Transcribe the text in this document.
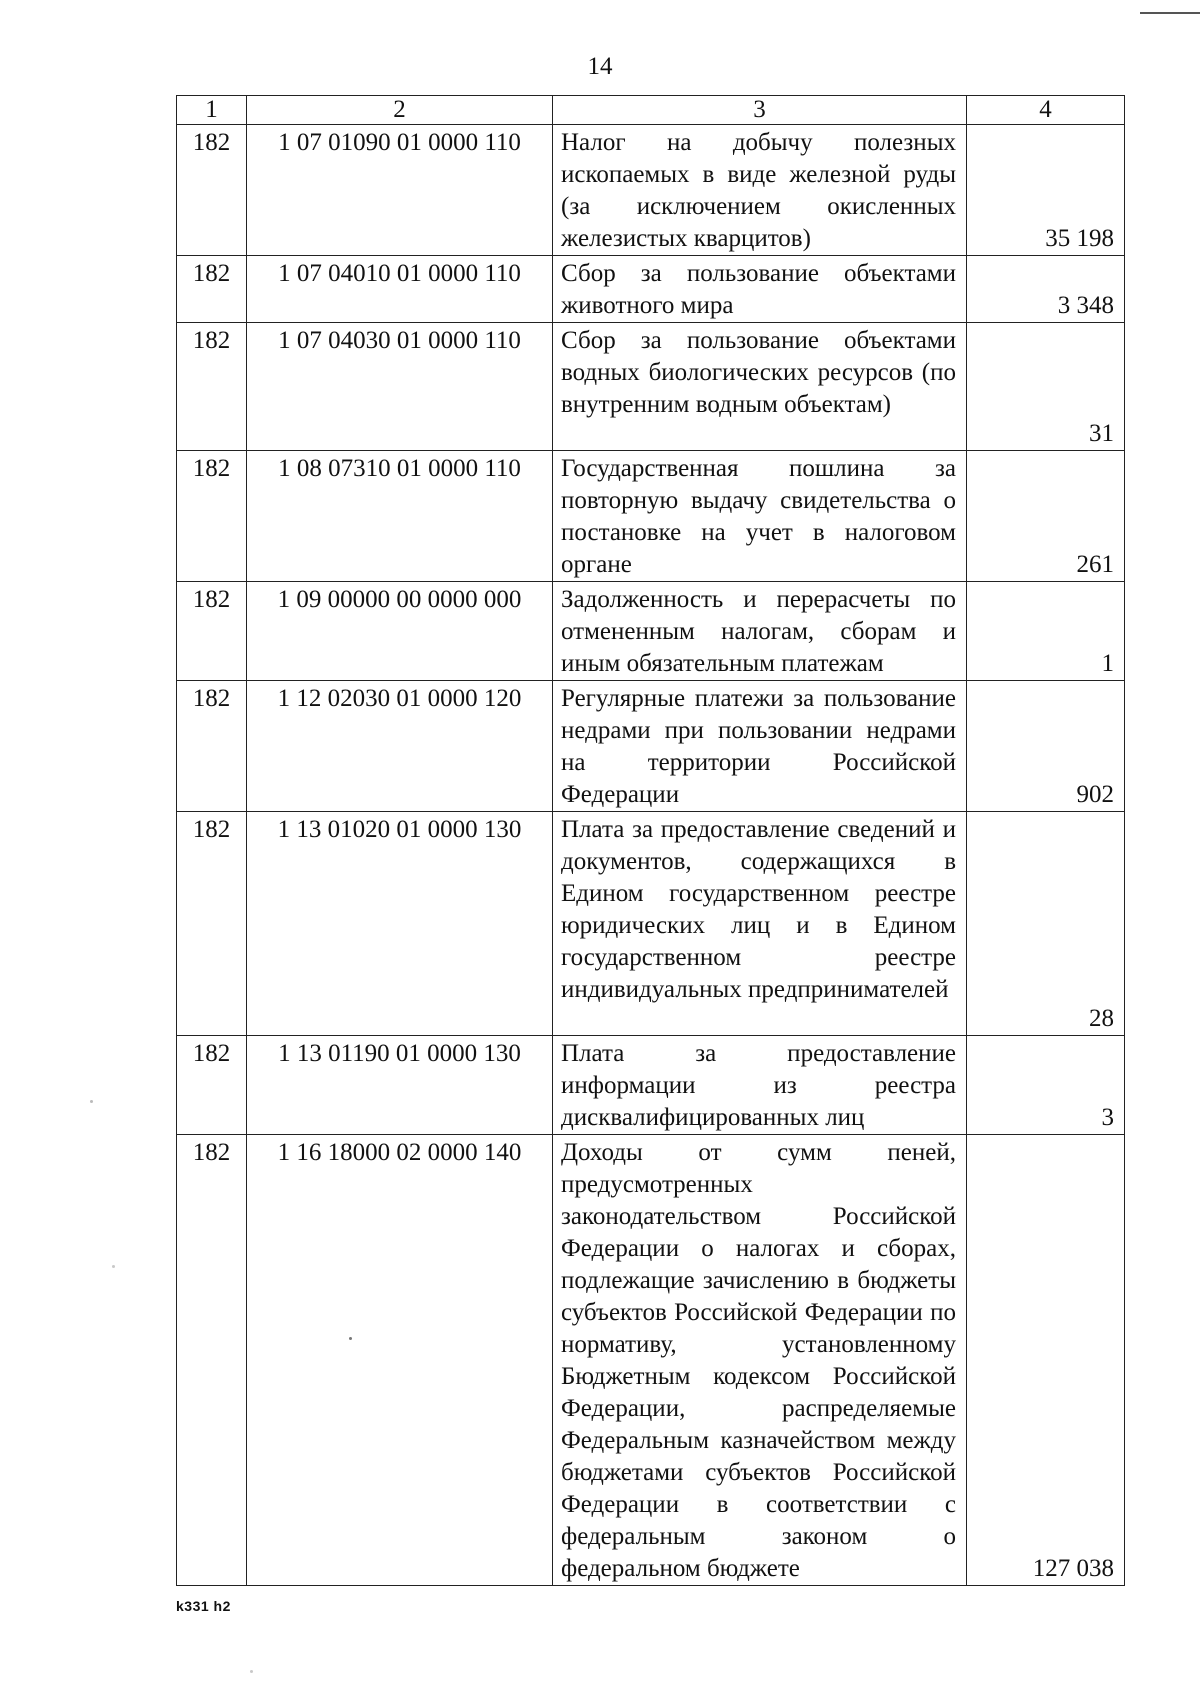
14
1	2	3	4
182	1 07 01090 01 0000 110	Налог на добычу полезных ископаемых в виде железной руды (за исключением окисленных железистых кварцитов)	35 198
182	1 07 04010 01 0000 110	Сбор за пользование объектами животного мира	3 348
182	1 07 04030 01 0000 110	Сбор за пользование объектами водных биологических ресурсов (по внутренним водным объектам)	31
182	1 08 07310 01 0000 110	Государственная пошлина за повторную выдачу свидетельства о постановке на учет в налоговом органе	261
182	1 09 00000 00 0000 000	Задолженность и перерасчеты по отмененным налогам, сборам и иным обязательным платежам	1
182	1 12 02030 01 0000 120	Регулярные платежи за пользование недрами при пользовании недрами на территории Российской Федерации	902
182	1 13 01020 01 0000 130	Плата за предоставление сведений и документов, содержащихся в Едином государственном реестре юридических лиц и в Едином государственном реестре индивидуальных предпринимателей	28
182	1 13 01190 01 0000 130	Плата за предоставление информации из реестра дисквалифицированных лиц	3
182	1 16 18000 02 0000 140	Доходы от сумм пеней, предусмотренных законодательством Российской Федерации о налогах и сборах, подлежащие зачислению в бюджеты субъектов Российской Федерации по нормативу, установленному Бюджетным кодексом Российской Федерации, распределяемые Федеральным казначейством между бюджетами субъектов Российской Федерации в соответствии с федеральным законом о федеральном бюджете	127 038
k331 h2
